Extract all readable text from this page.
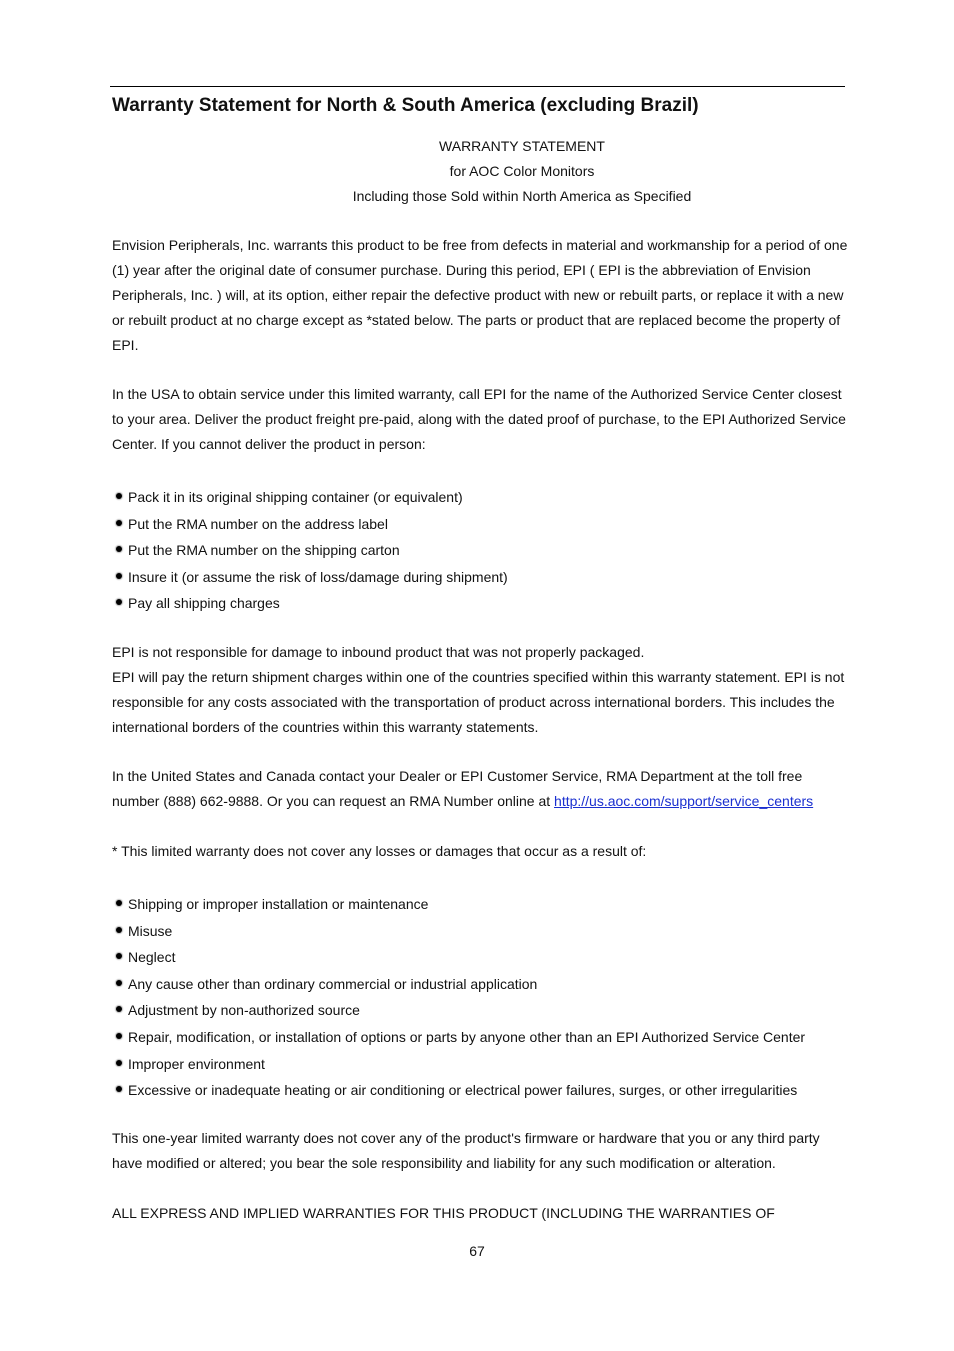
Warranty Statement for North & South America (excluding Brazil)
WARRANTY STATEMENT
for AOC Color Monitors
Including those Sold within North America as Specified

Envision Peripherals, Inc. warrants this product to be free from defects in material and workmanship for a period of one (1) year after the original date of consumer purchase. During this period, EPI ( EPI is the abbreviation of Envision Peripherals, Inc. ) will, at its option, either repair the defective product with new or rebuilt parts, or replace it with a new or rebuilt product at no charge except as *stated below. The parts or product that are replaced become the property of EPI.

In the USA to obtain service under this limited warranty, call EPI for the name of the Authorized Service Center closest to your area. Deliver the product freight pre-paid, along with the dated proof of purchase, to the EPI Authorized Service Center. If you cannot deliver the product in person:

Pack it in its original shipping container (or equivalent)
Put the RMA number on the address label
Put the RMA number on the shipping carton
Insure it (or assume the risk of loss/damage during shipment)
Pay all shipping charges

EPI is not responsible for damage to inbound product that was not properly packaged.

EPI will pay the return shipment charges within one of the countries specified within this warranty statement. EPI is not responsible for any costs associated with the transportation of product across international borders. This includes the international borders of the countries within this warranty statements.

In the United States and Canada contact your Dealer or EPI Customer Service, RMA Department at the toll free number (888) 662-9888. Or you can request an RMA Number online at http://us.aoc.com/support/service_centers

* This limited warranty does not cover any losses or damages that occur as a result of:

Shipping or improper installation or maintenance
Misuse
Neglect
Any cause other than ordinary commercial or industrial application
Adjustment by non-authorized source
Repair, modification, or installation of options or parts by anyone other than an EPI Authorized Service Center
Improper environment
Excessive or inadequate heating or air conditioning or electrical power failures, surges, or other irregularities

This one-year limited warranty does not cover any of the product's firmware or hardware that you or any third party have modified or altered; you bear the sole responsibility and liability for any such modification or alteration.

ALL EXPRESS AND IMPLIED WARRANTIES FOR THIS PRODUCT (INCLUDING THE WARRANTIES OF

67
